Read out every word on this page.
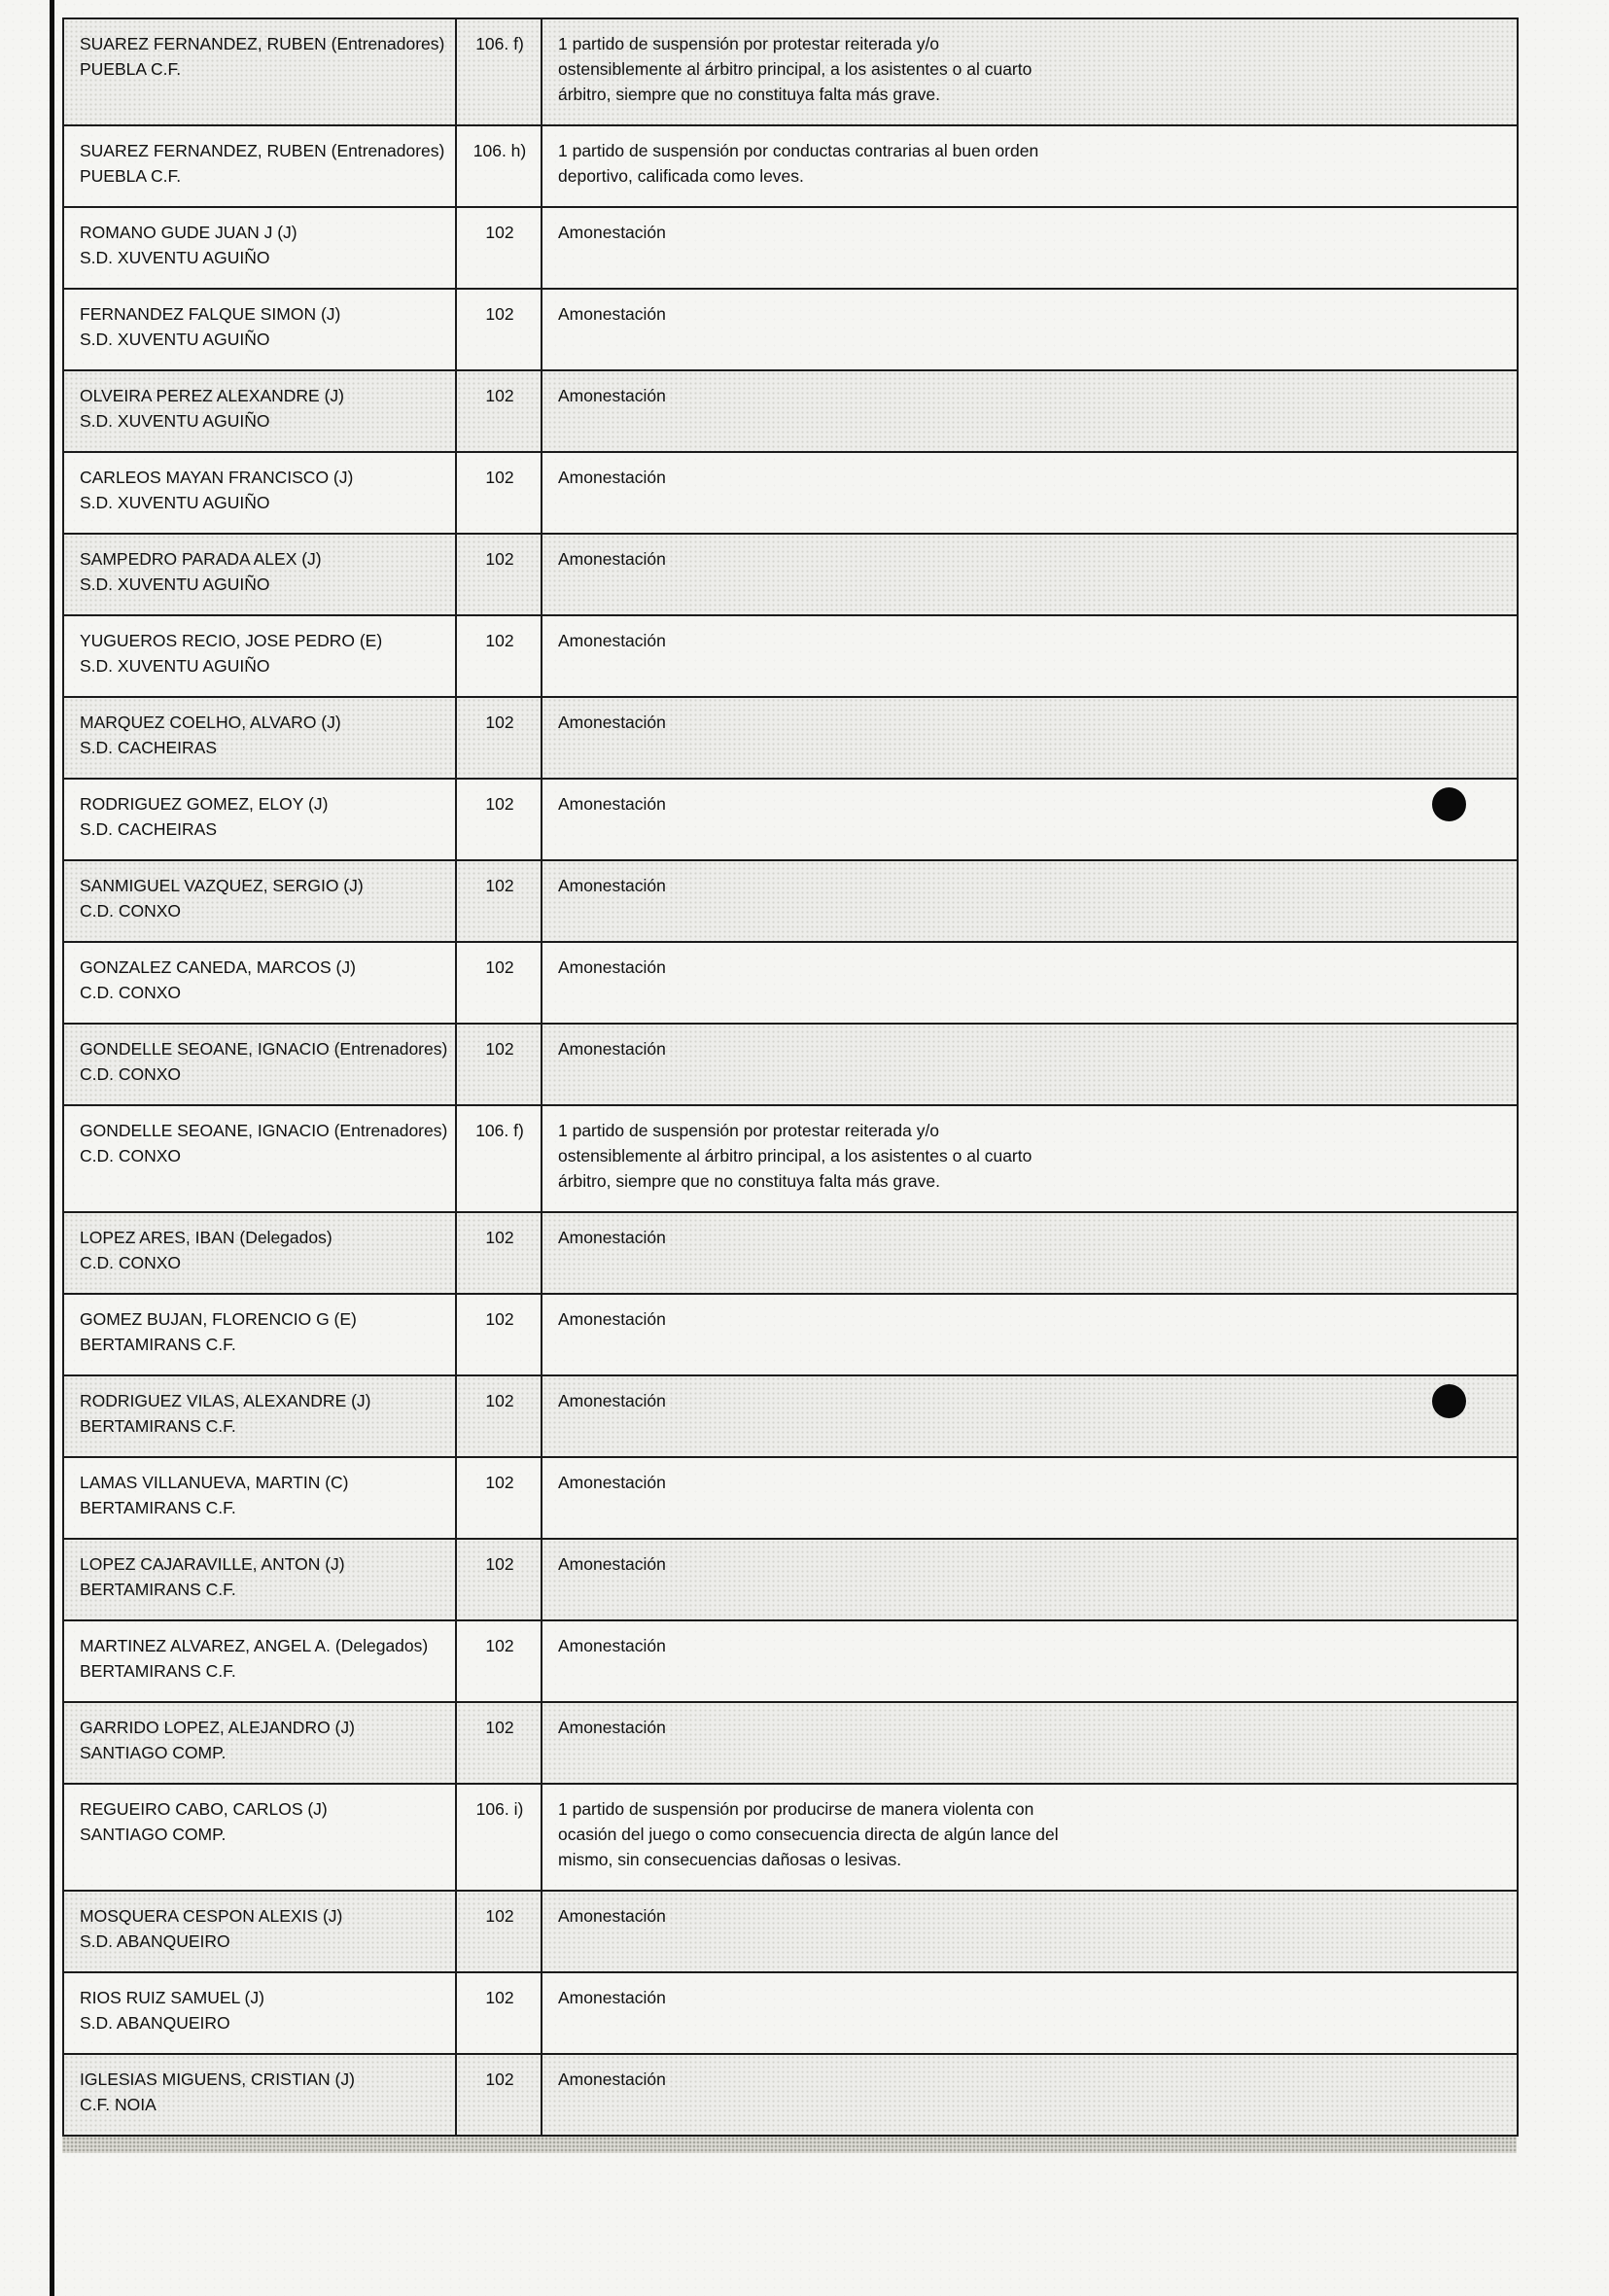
SUAREZ FERNANDEZ, RUBEN (Entrenadores)
PUEBLA C.F.	106. f)	1 partido de suspensión por protestar reiterada y/o ostensiblemente al árbitro principal, a los asistentes o al cuarto árbitro, siempre que no constituya falta más grave.

SUAREZ FERNANDEZ, RUBEN (Entrenadores)
PUEBLA C.F.	106. h)	1 partido de suspensión por conductas contrarias al buen orden deportivo, calificada como leves.

ROMANO GUDE JUAN J (J)
S.D. XUVENTU AGUIÑO	102	Amonestación

FERNANDEZ FALQUE SIMON (J)
S.D. XUVENTU AGUIÑO	102	Amonestación

OLVEIRA PEREZ ALEXANDRE (J)
S.D. XUVENTU AGUIÑO	102	Amonestación

CARLEOS MAYAN FRANCISCO (J)
S.D. XUVENTU AGUIÑO	102	Amonestación

SAMPEDRO PARADA ALEX (J)
S.D. XUVENTU AGUIÑO	102	Amonestación

YUGUEROS RECIO, JOSE PEDRO (E)
S.D. XUVENTU AGUIÑO	102	Amonestación

MARQUEZ COELHO, ALVARO (J)
S.D. CACHEIRAS	102	Amonestación

RODRIGUEZ GOMEZ, ELOY (J)
S.D. CACHEIRAS	102	Amonestación

SANMIGUEL VAZQUEZ, SERGIO (J)
C.D. CONXO	102	Amonestación

GONZALEZ CANEDA, MARCOS (J)
C.D. CONXO	102	Amonestación

GONDELLE SEOANE, IGNACIO (Entrenadores)
C.D. CONXO	102	Amonestación

GONDELLE SEOANE, IGNACIO (Entrenadores)
C.D. CONXO	106. f)	1 partido de suspensión por protestar reiterada y/o ostensiblemente al árbitro principal, a los asistentes o al cuarto árbitro, siempre que no constituya falta más grave.

LOPEZ ARES, IBAN (Delegados)
C.D. CONXO	102	Amonestación

GOMEZ BUJAN, FLORENCIO G (E)
BERTAMIRANS C.F.	102	Amonestación

RODRIGUEZ VILAS, ALEXANDRE (J)
BERTAMIRANS C.F.	102	Amonestación

LAMAS VILLANUEVA, MARTIN (C)
BERTAMIRANS C.F.	102	Amonestación

LOPEZ CAJARAVILLE, ANTON (J)
BERTAMIRANS C.F.	102	Amonestación

MARTINEZ ALVAREZ, ANGEL A. (Delegados)
BERTAMIRANS C.F.	102	Amonestación

GARRIDO LOPEZ, ALEJANDRO (J)
SANTIAGO COMP.	102	Amonestación

REGUEIRO CABO, CARLOS (J)
SANTIAGO COMP.	106. i)	1 partido de suspensión por producirse de manera violenta con ocasión del juego o como consecuencia directa de algún lance del mismo, sin consecuencias dañosas o lesivas.

MOSQUERA CESPON ALEXIS (J)
S.D. ABANQUEIRO	102	Amonestación

RIOS RUIZ SAMUEL (J)
S.D. ABANQUEIRO	102	Amonestación

IGLESIAS MIGUENS, CRISTIAN (J)
C.F. NOIA	102	Amonestación
